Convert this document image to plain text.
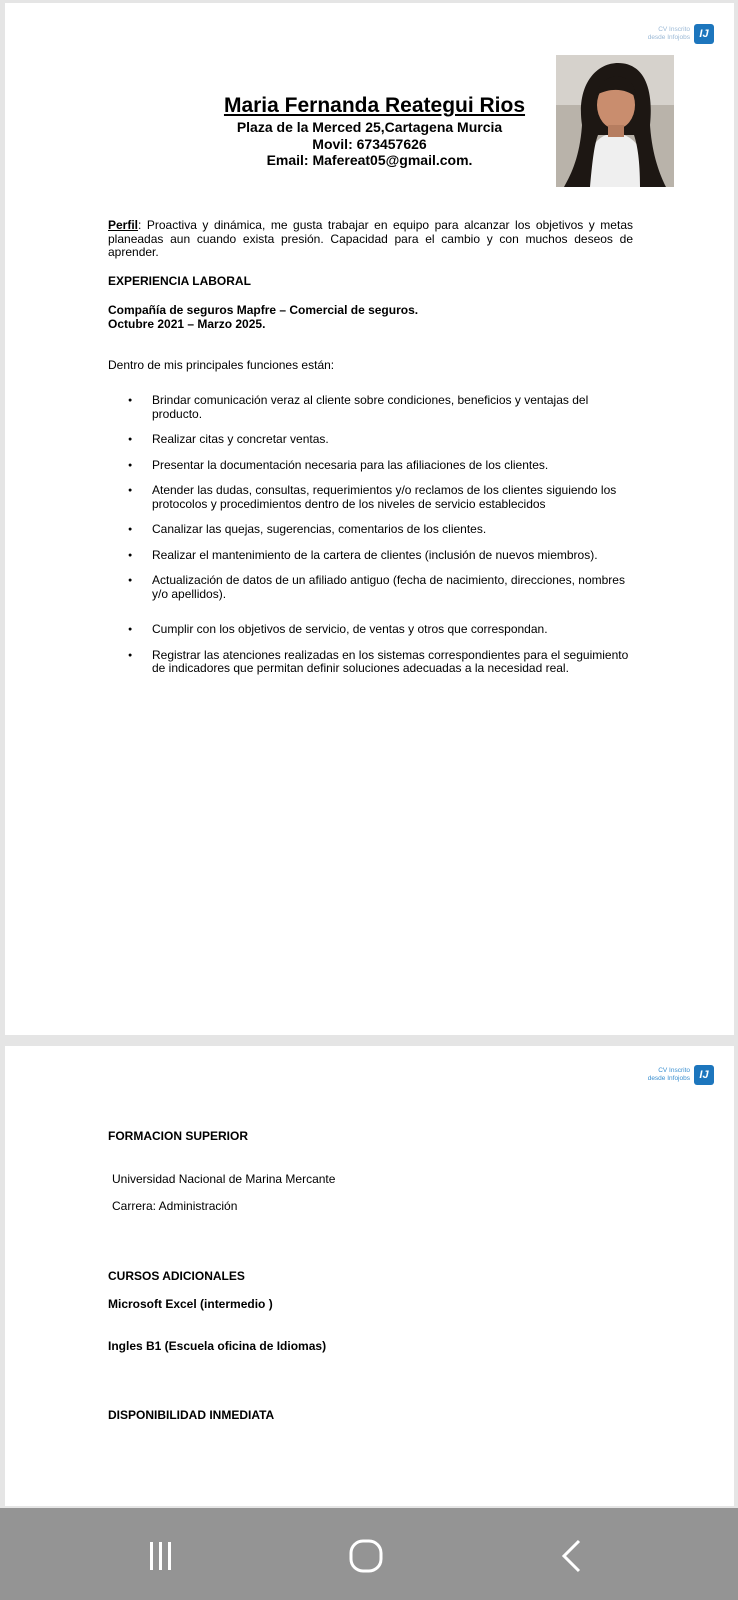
CV Inscrito
desde Infojobs IJ
Maria Fernanda Reategui Rios
Plaza de la Merced 25,Cartagena Murcia
Movil: 673457626
Email: Mafereat05@gmail.com.
Perfil: Proactiva y dinámica, me gusta trabajar en equipo para alcanzar los objetivos y metas planeadas aun cuando exista presión. Capacidad para el cambio y con muchos deseos de aprender.
EXPERIENCIA LABORAL
Compañía de seguros Mapfre – Comercial de seguros.
Octubre 2021 – Marzo 2025.
Dentro de mis principales funciones están:
● Brindar comunicación veraz al cliente sobre condiciones, beneficios y ventajas del producto.
● Realizar citas y concretar ventas.
● Presentar la documentación necesaria para las afiliaciones de los clientes.
● Atender las dudas, consultas, requerimientos y/o reclamos de los clientes siguiendo los protocolos y procedimientos dentro de los niveles de servicio establecidos
● Canalizar las quejas, sugerencias, comentarios de los clientes.
● Realizar el mantenimiento de la cartera de clientes (inclusión de nuevos miembros).
● Actualización de datos de un afiliado antiguo (fecha de nacimiento, direcciones, nombres y/o apellidos).
● Cumplir con los objetivos de servicio, de ventas y otros que correspondan.
● Registrar las atenciones realizadas en los sistemas correspondientes para el seguimiento de indicadores que permitan definir soluciones adecuadas a la necesidad real.
CV Inscrito
desde Infojobs IJ
FORMACION SUPERIOR
Universidad Nacional de Marina Mercante
Carrera: Administración
CURSOS ADICIONALES
Microsoft Excel (intermedio )
Ingles B1 (Escuela oficina de Idiomas)
DISPONIBILIDAD INMEDIATA
